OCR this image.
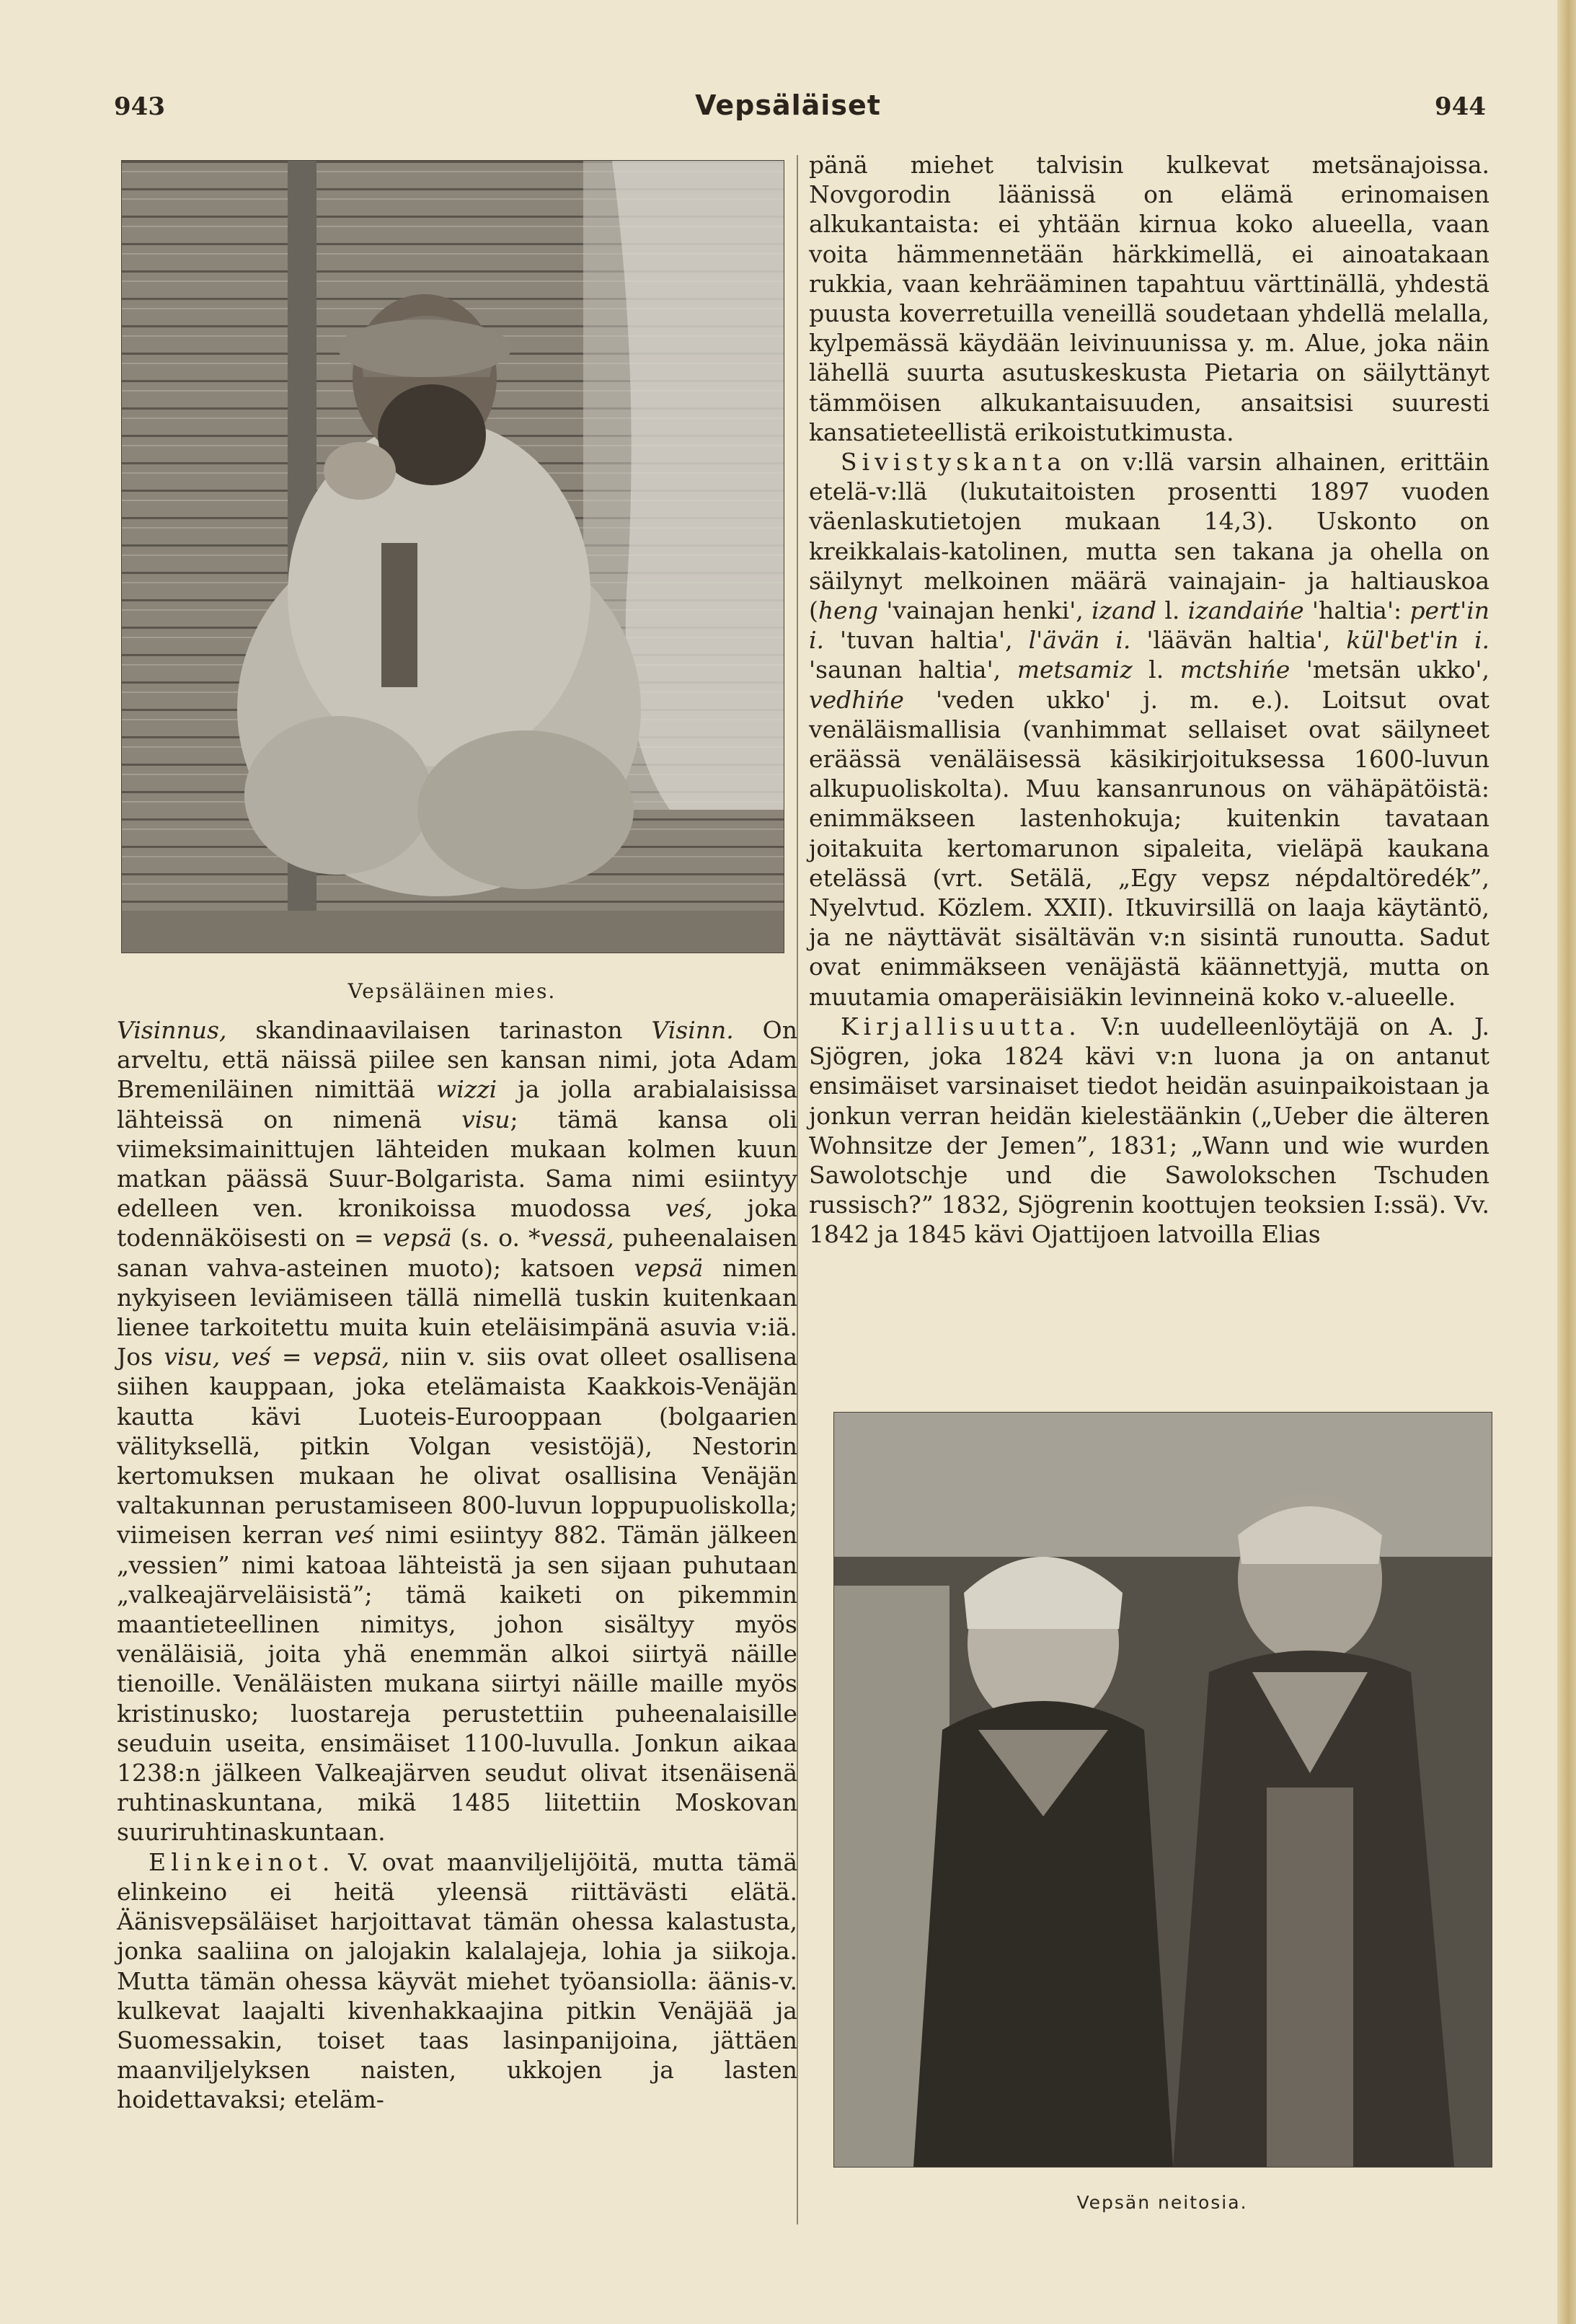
943	Vepsäläiset	944
Vepsäläinen mies.

Visinnus, skandinaavilaisen tarinaston Visinn. On arveltu, että näissä piilee sen kansan nimi, jota Adam Bremeniläinen nimittää wizzi ja jolla arabialaisissa lähteissä on nimenä visu; tämä kansa oli viimeksimainittujen lähteiden mukaan kolmen kuun matkan päässä Suur-Bolgarista. Sama nimi esiintyy edelleen ven. kronikoissa muodossa veś, joka todennäköisesti on = vepsä (s. o. *vessä, puheenalaisen sanan vahva-asteinen muoto); katsoen vepsä nimen nykyiseen leviämiseen tällä nimellä tuskin kuitenkaan lienee tarkoitettu muita kuin eteläisimpänä asuvia v:iä. Jos visu, veś = vepsä, niin v. siis ovat olleet osallisena siihen kauppaan, joka etelämaista Kaakkois-Venäjän kautta kävi Luoteis-Eurooppaan (bolgaarien välityksellä, pitkin Volgan vesistöjä), Nestorin kertomuksen mukaan he olivat osallisina Venäjän valtakunnan perustamiseen 800-luvun loppupuoliskolla; viimeisen kerran veś nimi esiintyy 882. Tämän jälkeen „vessien” nimi katoaa lähteistä ja sen sijaan puhutaan „valkeajärveläisistä”; tämä kaiketi on pikemmin maantieteellinen nimitys, johon sisältyy myös venäläisiä, joita yhä enemmän alkoi siirtyä näille tienoille. Venäläisten mukana siirtyi näille maille myös kristinusko; luostareja perustettiin puheenalaisille seuduin useita, ensimäiset 1100-luvulla. Jonkun aikaa 1238:n jälkeen Valkeajärven seudut olivat itsenäisenä ruhtinaskuntana, mikä 1485 liitettiin Moskovan suuriruhtinaskuntaan.

Elinkeinot. V. ovat maanviljelijöitä, mutta tämä elinkeino ei heitä yleensä riittävästi elätä. Äänisvepsäläiset harjoittavat tämän ohessa kalastusta, jonka saaliina on jalojakin kalalajeja, lohia ja siikoja. Mutta tämän ohessa käyvät miehet työansiolla: äänis-v. kulkevat laajalti kivenhakkaajina pitkin Venäjää ja Suomessakin, toiset taas lasinpanijoina, jättäen maanviljelyksen naisten, ukkojen ja lasten hoidettavaksi; eteläm-

pänä miehet talvisin kulkevat metsänajoissa. Novgorodin läänissä on elämä erinomaisen alkukantaista: ei yhtään kirnua koko alueella, vaan voita hämmennetään härkkimellä, ei ainoatakaan rukkia, vaan kehrääminen tapahtuu värttinällä, yhdestä puusta koverretuilla veneillä soudetaan yhdellä melalla, kylpemässä käydään leivinuunissa y. m. Alue, joka näin lähellä suurta asutuskeskusta Pietaria on säilyttänyt tämmöisen alkukantaisuuden, ansaitsisi suuresti kansatieteellistä erikoistutkimusta.

Sivistyskanta on v:llä varsin alhainen, erittäin etelä-v:llä (lukutaitoisten prosentti 1897 vuoden väenlaskutietojen mukaan 14,3). Uskonto on kreikkalais-katolinen, mutta sen takana ja ohella on säilynyt melkoinen määrä vainajain- ja haltiauskoa (heng 'vainajan henki', izand l. izandaińe 'haltia': pert'in i. 'tuvan haltia', l'ävän i. 'läävän haltia', kül'bet'in i. 'saunan haltia', metsamiz l. mctshińe 'metsän ukko', vedhińe 'veden ukko' j. m. e.). Loitsut ovat venäläismallisia (vanhimmat sellaiset ovat säilyneet eräässä venäläisessä käsikirjoituksessa 1600-luvun alkupuoliskolta). Muu kansanrunous on vähäpätöistä: enimmäkseen lastenhokuja; kuitenkin tavataan joitakuita kertomarunon sipaleita, vieläpä kaukana etelässä (vrt. Setälä, „Egy vepsz népdaltöredék”, Nyelvtud. Közlem. XXII). Itkuvirsillä on laaja käytäntö, ja ne näyttävät sisältävän v:n sisintä runoutta. Sadut ovat enimmäkseen venäjästä käännettyjä, mutta on muutamia omaperäisiäkin levinneinä koko v.-alueelle.

Kirjallisuutta. V:n uudelleenlöytäjä on A. J. Sjögren, joka 1824 kävi v:n luona ja on antanut ensimäiset varsinaiset tiedot heidän asuinpaikoistaan ja jonkun verran heidän kielestäänkin („Ueber die älteren Wohnsitze der Jemen”, 1831; „Wann und wie wurden Sawolotschje und die Sawolokschen Tschuden russisch?” 1832, Sjögrenin koottujen teoksien I:ssä). Vv. 1842 ja 1845 kävi Ojattijoen latvoilla Elias

Vepsän neitosia.
